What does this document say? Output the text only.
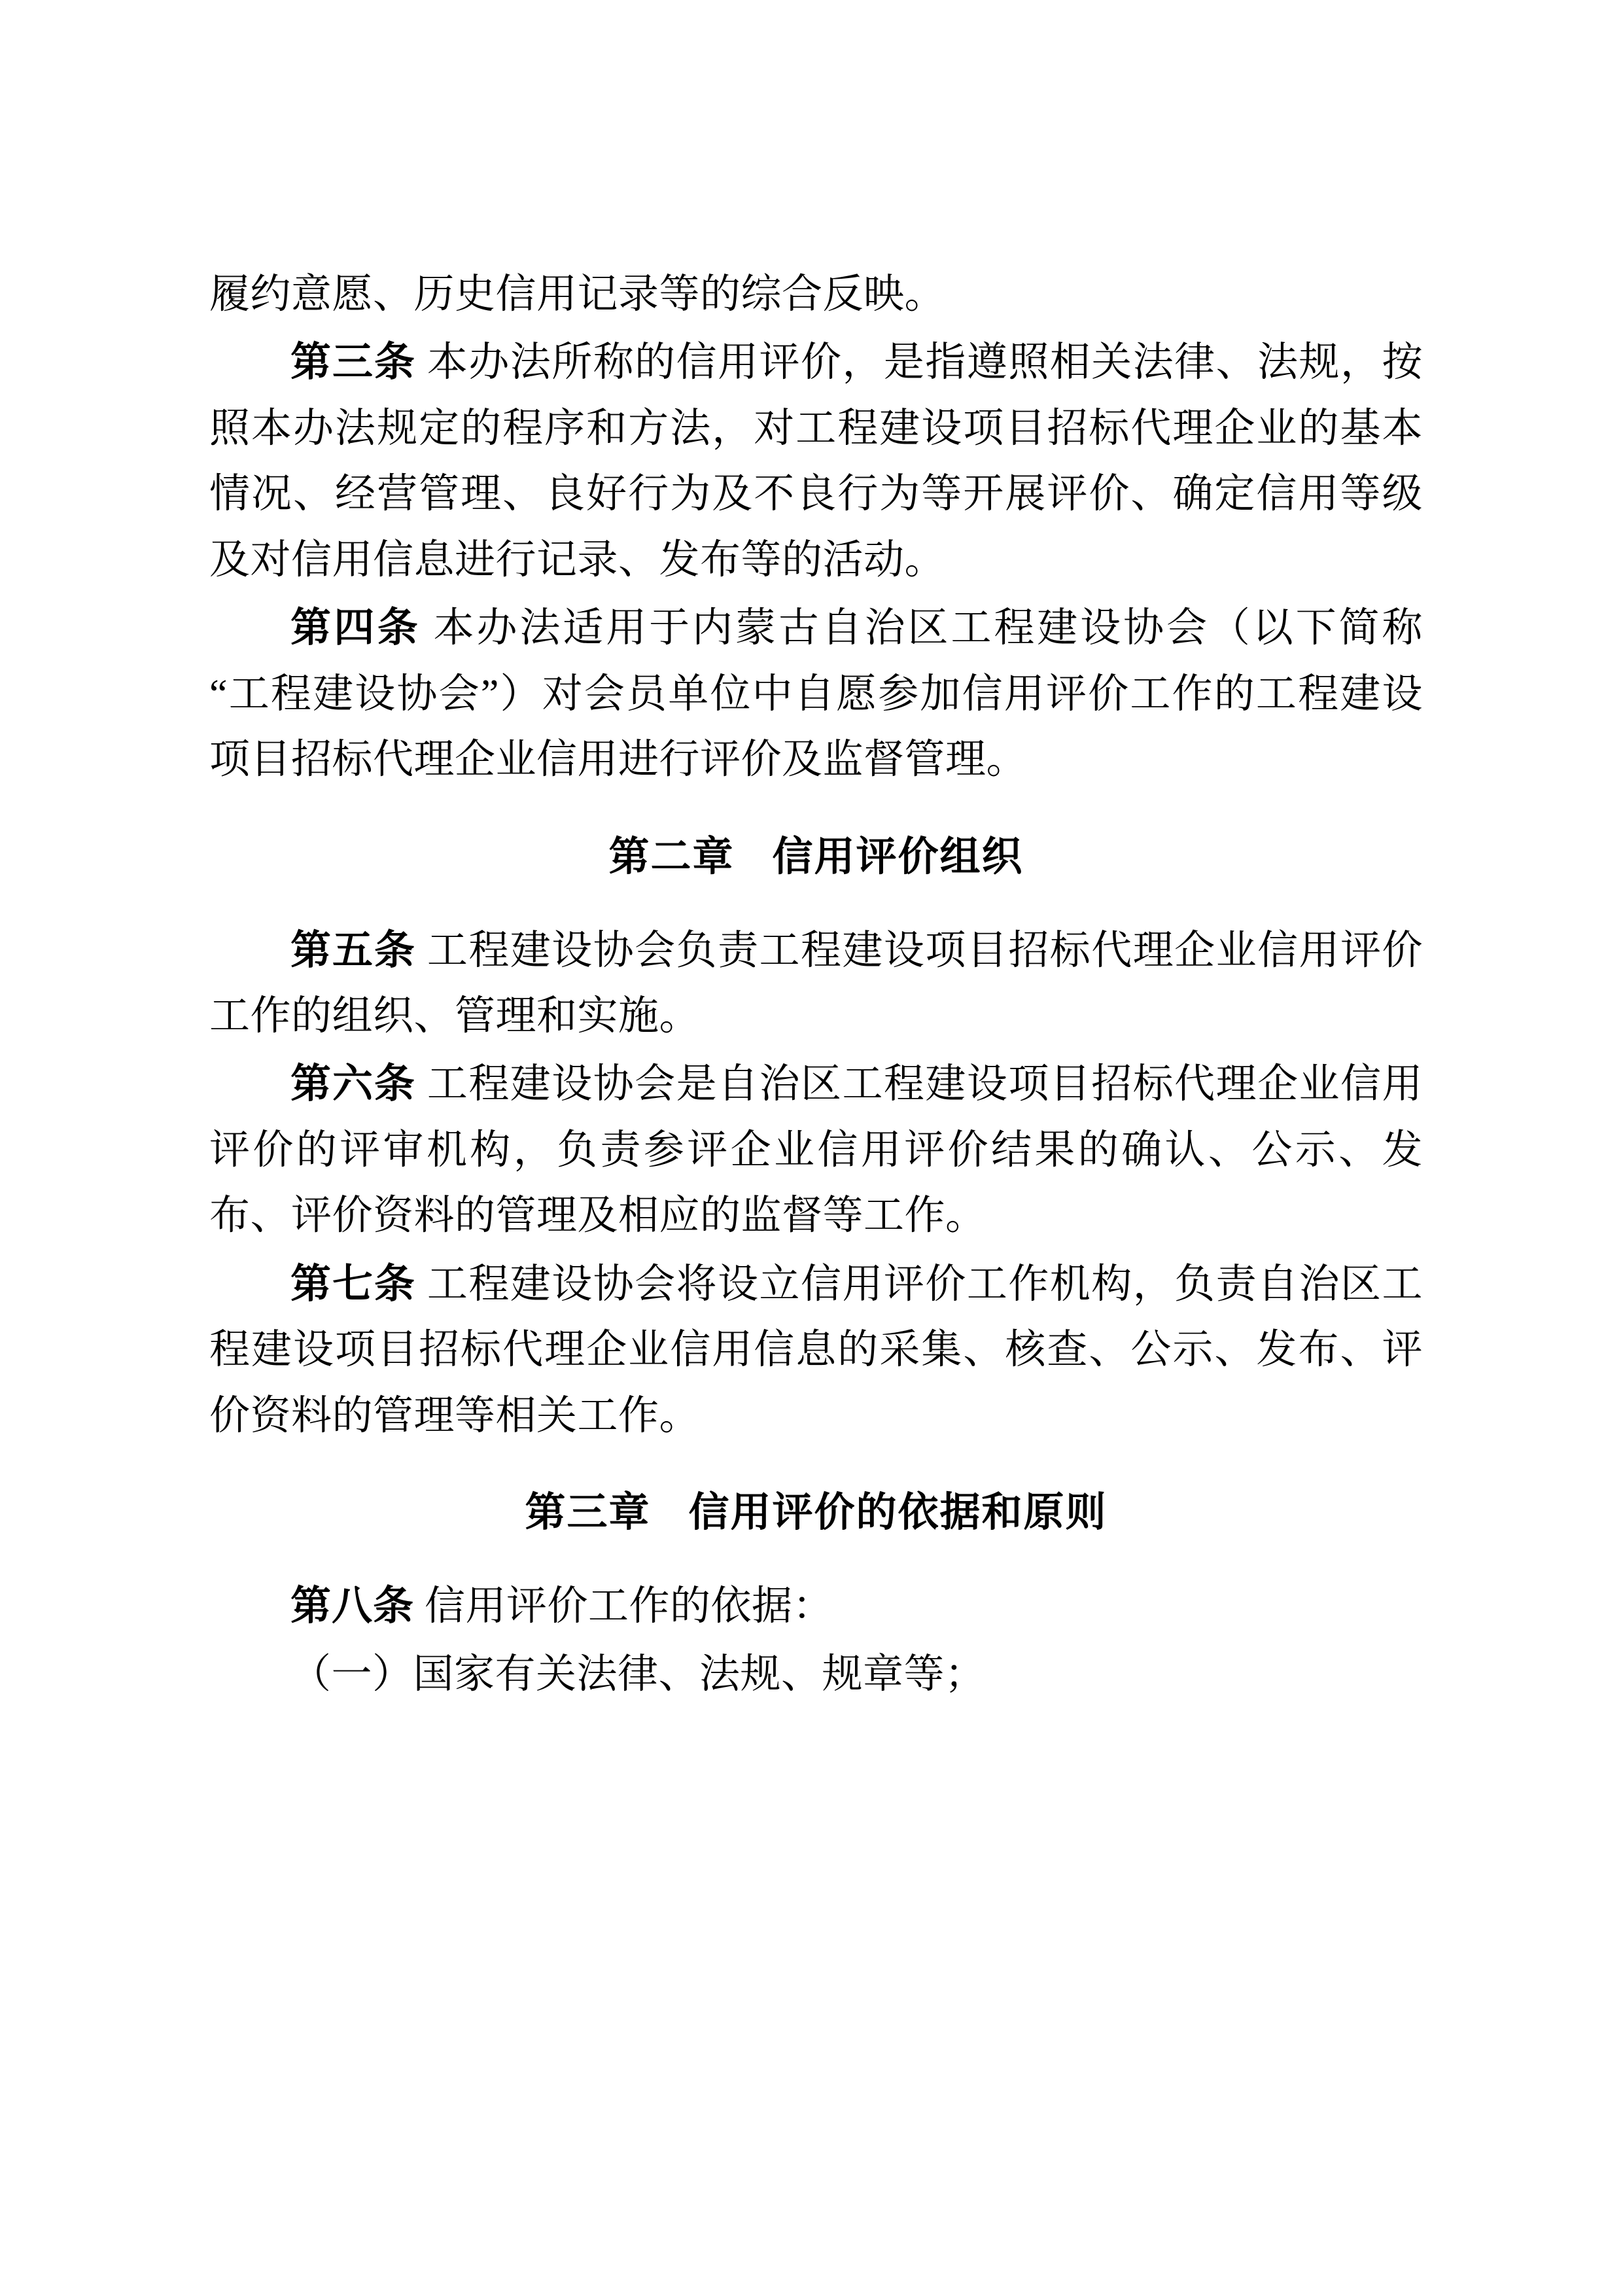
履约意愿、历史信用记录等的综合反映。

第三条 本办法所称的信用评价，是指遵照相关法律、法规，按照本办法规定的程序和方法，对工程建设项目招标代理企业的基本情况、经营管理、良好行为及不良行为等开展评价、确定信用等级及对信用信息进行记录、发布等的活动。

第四条 本办法适用于内蒙古自治区工程建设协会（以下简称“工程建设协会”）对会员单位中自愿参加信用评价工作的工程建设项目招标代理企业信用进行评价及监督管理。

第二章 信用评价组织

第五条 工程建设协会负责工程建设项目招标代理企业信用评价工作的组织、管理和实施。

第六条 工程建设协会是自治区工程建设项目招标代理企业信用评价的评审机构，负责参评企业信用评价结果的确认、公示、发布、评价资料的管理及相应的监督等工作。

第七条 工程建设协会将设立信用评价工作机构，负责自治区工程建设项目招标代理企业信用信息的采集、核查、公示、发布、评价资料的管理等相关工作。

第三章 信用评价的依据和原则

第八条 信用评价工作的依据：

（一）国家有关法律、法规、规章等；
